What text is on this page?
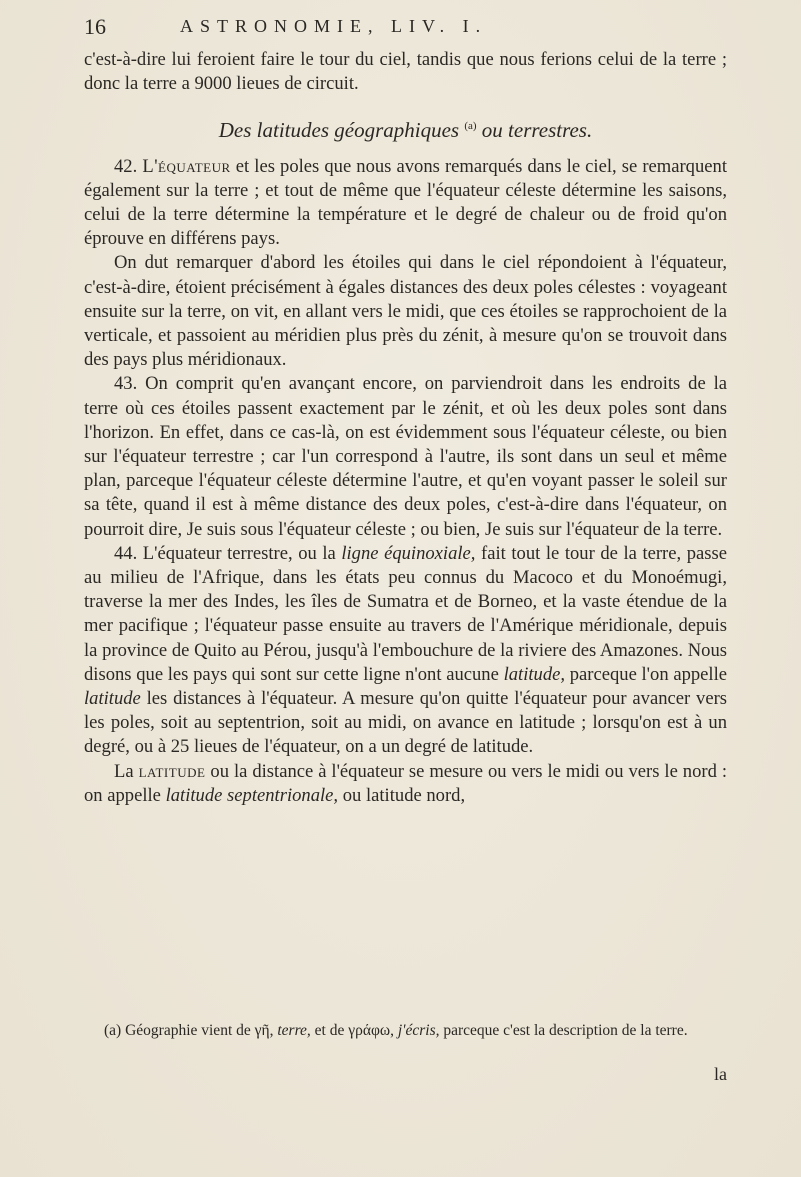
16	ASTRONOMIE, LIV. I.

c'est-à-dire lui feroient faire le tour du ciel, tandis que nous ferions celui de la terre ; donc la terre a 9000 lieues de circuit.

Des latitudes géographiques $^{(a)}$ ou terrestres.

42. L'équateur et les poles que nous avons remarqués dans le ciel, se remarquent également sur la terre ; et tout de même que l'équateur céleste détermine les saisons, celui de la terre détermine la température et le degré de chaleur ou de froid qu'on éprouve en différens pays.

On dut remarquer d'abord les étoiles qui dans le ciel répondoient à l'équateur, c'est-à-dire, étoient précisément à égales distances des deux poles célestes : voyageant ensuite sur la terre, on vit, en allant vers le midi, que ces étoiles se rapprochoient de la verticale, et passoient au méridien plus près du zénit, à mesure qu'on se trouvoit dans des pays plus méridionaux.

43. On comprit qu'en avançant encore, on parviendroit dans les endroits de la terre où ces étoiles passent exactement par le zénit, et où les deux poles sont dans l'horizon. En effet, dans ce cas-là, on est évidemment sous l'équateur céleste, ou bien sur l'équateur terrestre ; car l'un correspond à l'autre, ils sont dans un seul et même plan, parceque l'équateur céleste détermine l'autre, et qu'en voyant passer le soleil sur sa tête, quand il est à même distance des deux poles, c'est-à-dire dans l'équateur, on pourroit dire, Je suis sous l'équateur céleste ; ou bien, Je suis sur l'équateur de la terre.

44. L'équateur terrestre, ou la ligne équinoxiale, fait tout le tour de la terre, passe au milieu de l'Afrique, dans les états peu connus du Macoco et du Monoémugi, traverse la mer des Indes, les îles de Sumatra et de Borneo, et la vaste étendue de la mer pacifique ; l'équateur passe ensuite au travers de l'Amérique méridionale, depuis la province de Quito au Pérou, jusqu'à l'embouchure de la riviere des Amazones. Nous disons que les pays qui sont sur cette ligne n'ont aucune latitude, parceque l'on appelle latitude les distances à l'équateur. A mesure qu'on quitte l'équateur pour avancer vers les poles, soit au septentrion, soit au midi, on avance en latitude ; lorsqu'on est à un degré, ou à 25 lieues de l'équateur, on a un degré de latitude.

La latitude ou la distance à l'équateur se mesure ou vers le midi ou vers le nord : on appelle latitude septentrionale, ou latitude nord,

(a) Géographie vient de γῆ, terre, et de γράφω, j'écris, parceque c'est la description de la terre.

la
